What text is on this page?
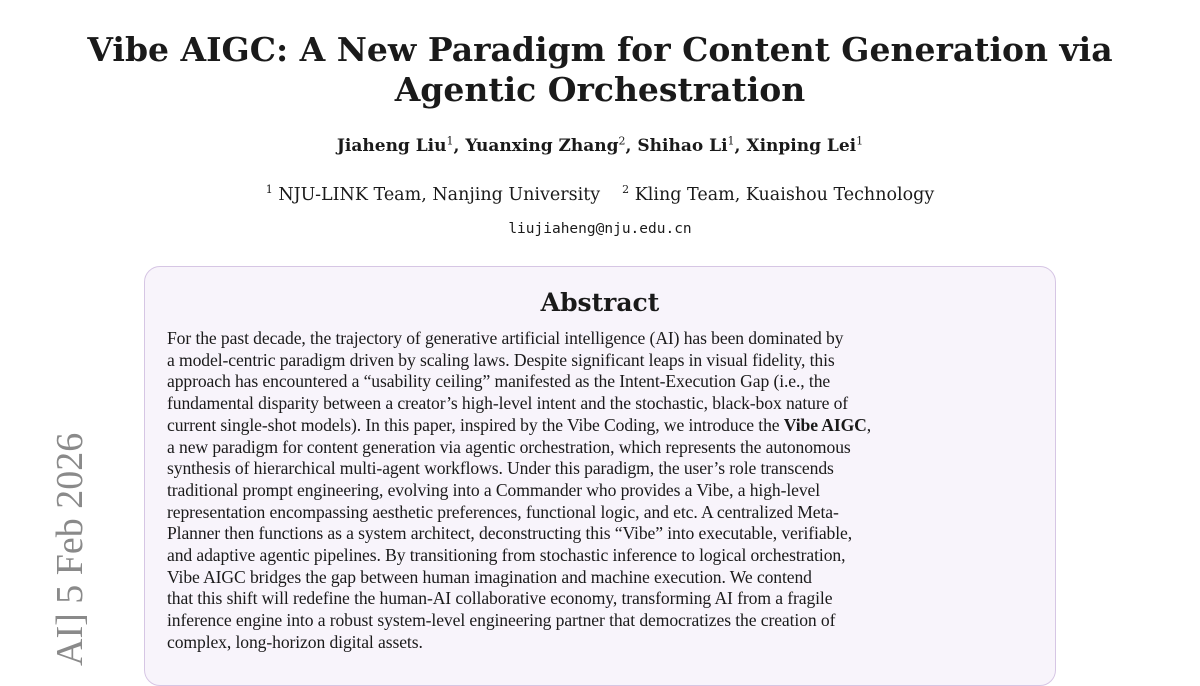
Vibe AIGC: A New Paradigm for Content Generation via
Agentic Orchestration
Jiaheng Liu$^1$, Yuanxing Zhang$^2$, Shihao Li$^1$, Xinping Lei$^1$
$^1$ NJU-LINK Team, Nanjing University $^2$ Kling Team, Kuaishou Technology
liujiaheng@nju.edu.cn
AI] 5 Feb 2026
Abstract
For the past decade, the trajectory of generative artificial intelligence (AI) has been dominated by
a model-centric paradigm driven by scaling laws. Despite significant leaps in visual fidelity, this
approach has encountered a “usability ceiling” manifested as the Intent-Execution Gap (i.e., the
fundamental disparity between a creator’s high-level intent and the stochastic, black-box nature of
current single-shot models). In this paper, inspired by the Vibe Coding, we introduce the Vibe AIGC,
a new paradigm for content generation via agentic orchestration, which represents the autonomous
synthesis of hierarchical multi-agent workflows. Under this paradigm, the user’s role transcends
traditional prompt engineering, evolving into a Commander who provides a Vibe, a high-level
representation encompassing aesthetic preferences, functional logic, and etc. A centralized Meta-
Planner then functions as a system architect, deconstructing this “Vibe” into executable, verifiable,
and adaptive agentic pipelines. By transitioning from stochastic inference to logical orchestration,
Vibe AIGC bridges the gap between human imagination and machine execution. We contend
that this shift will redefine the human-AI collaborative economy, transforming AI from a fragile
inference engine into a robust system-level engineering partner that democratizes the creation of
complex, long-horizon digital assets.
